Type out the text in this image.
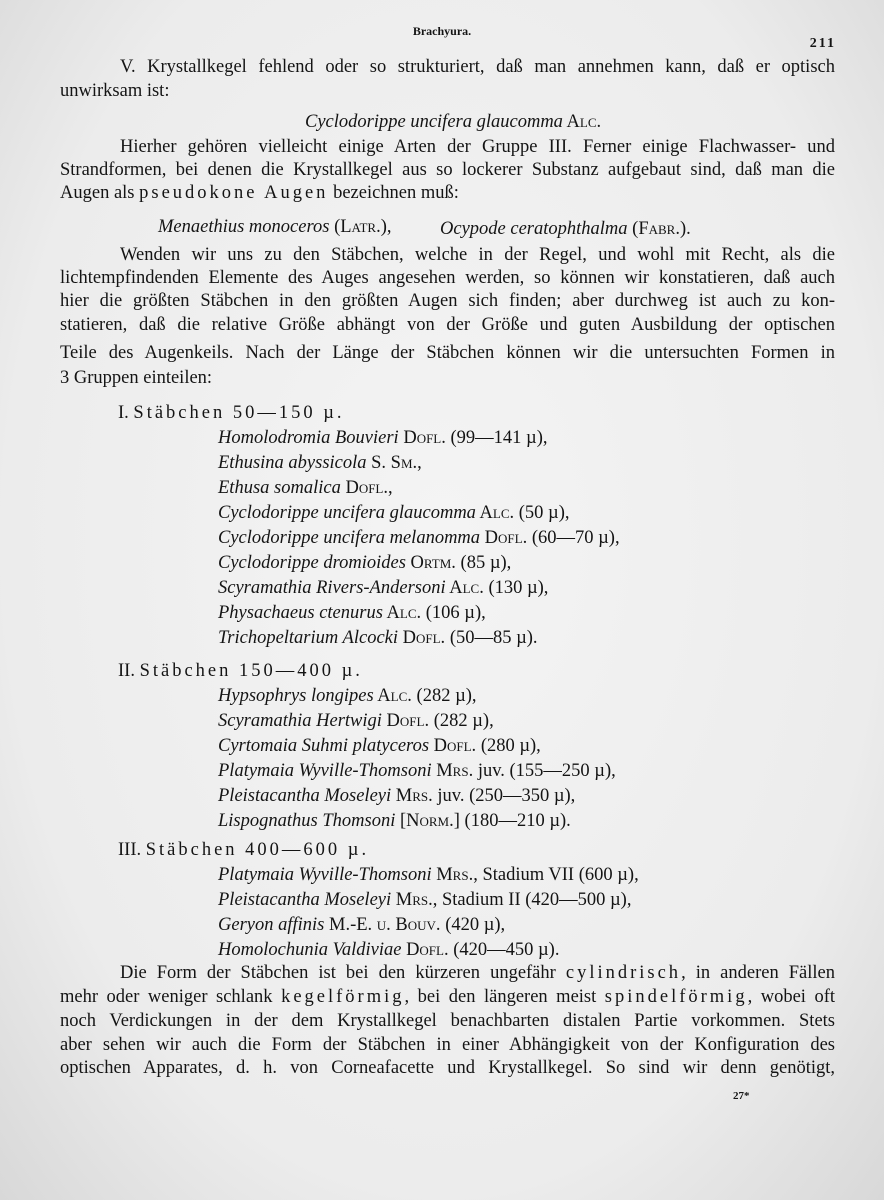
Brachyura.
211
V. Krystallkegel fehlend oder so strukturiert, daß man annehmen kann, daß er optisch
unwirksam ist:
Cyclodorippe uncifera glaucomma Alc.
Hierher gehören vielleicht einige Arten der Gruppe III. Ferner einige Flachwasser- und
Strandformen, bei denen die Krystallkegel aus so lockerer Substanz aufgebaut sind, daß man die
Augen als pseudokone Augen bezeichnen muß:
Menaethius monoceros (Latr.),	Ocypode ceratophthalma (Fabr.).
Wenden wir uns zu den Stäbchen, welche in der Regel, und wohl mit Recht, als die
lichtempfindenden Elemente des Auges angesehen werden, so können wir konstatieren, daß auch
hier die größten Stäbchen in den größten Augen sich finden; aber durchweg ist auch zu kon-
statieren, daß die relative Größe abhängt von der Größe und guten Ausbildung der optischen
Teile des Augenkeils. Nach der Länge der Stäbchen können wir die untersuchten Formen in
3 Gruppen einteilen:
Die Form der Stäbchen ist bei den kürzeren ungefähr cylindrisch, in anderen Fällen
mehr oder weniger schlank kegelförmig, bei den längeren meist spindelförmig, wobei oft
noch Verdickungen in der dem Krystallkegel benachbarten distalen Partie vorkommen. Stets
aber sehen wir auch die Form der Stäbchen in einer Abhängigkeit von der Konfiguration des
optischen Apparates, d. h. von Corneafacette und Krystallkegel. So sind wir denn genötigt,
I. Stäbchen 50—150 µ.
Homolodromia Bouvieri Dofl. (99—141 µ),
Ethusina abyssicola S. Sm.,
Ethusa somalica Dofl.,
Cyclodorippe uncifera glaucomma Alc. (50 µ),
Cyclodorippe uncifera melanomma Dofl. (60—70 µ),
Cyclodorippe dromioides Ortm. (85 µ),
Scyramathia Rivers-Andersoni Alc. (130 µ),
Physachaeus ctenurus Alc. (106 µ),
Trichopeltarium Alcocki Dofl. (50—85 µ).
II. Stäbchen 150—400 µ.
Hypsophrys longipes Alc. (282 µ),
Scyramathia Hertwigi Dofl. (282 µ),
Cyrtomaia Suhmi platyceros Dofl. (280 µ),
Platymaia Wyville-Thomsoni Mrs. juv. (155—250 µ),
Pleistacantha Moseleyi Mrs. juv. (250—350 µ),
Lispognathus Thomsoni [Norm.] (180—210 µ).
III. Stäbchen 400—600 µ.
Platymaia Wyville-Thomsoni Mrs., Stadium VII (600 µ),
Pleistacantha Moseleyi Mrs., Stadium II (420—500 µ),
Geryon affinis M.-E. u. Bouv. (420 µ),
Homolochunia Valdiviae Dofl. (420—450 µ).
27*
